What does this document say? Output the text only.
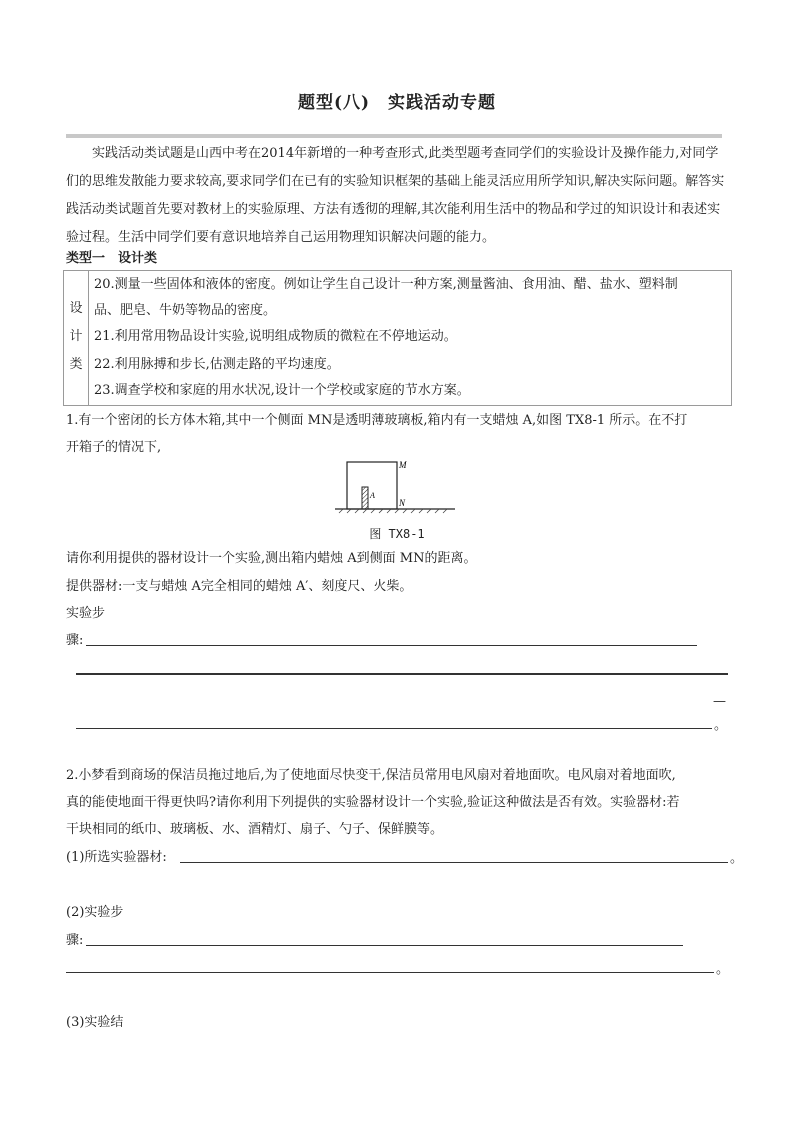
题型(八)　实践活动专题
实践活动类试题是山西中考在2014年新增的一种考查形式,此类型题考查同学们的实验设计及操作能力,对同学们的思维发散能力要求较高,要求同学们在已有的实验知识框架的基础上能灵活应用所学知识,解决实际问题。解答实践活动类试题首先要对教材上的实验原理、方法有透彻的理解,其次能利用生活中的物品和学过的知识设计和表述实验过程。生活中同学们要有意识地培养自己运用物理知识解决问题的能力。
类型一　设计类
设
计
类
20.测量一些固体和液体的密度。例如让学生自己设计一种方案,测量酱油、食用油、醋、盐水、塑料制
品、肥皂、牛奶等物品的密度。
21.利用常用物品设计实验,说明组成物质的微粒在不停地运动。
22.利用脉搏和步长,估测走路的平均速度。
23.调查学校和家庭的用水状况,设计一个学校或家庭的节水方案。
1.有一个密闭的长方体木箱,其中一个侧面 MN是透明薄玻璃板,箱内有一支蜡烛 A,如图 TX8-1 所示。在不打
开箱子的情况下,
M
N
A
图 TX8-1
请你利用提供的器材设计一个实验,测出箱内蜡烛 A到侧面 MN的距离。
提供器材:一支与蜡烛 A完全相同的蜡烛 A′、刻度尺、火柴。
实验步
骤:
—
。
2.小梦看到商场的保洁员拖过地后,为了使地面尽快变干,保洁员常用电风扇对着地面吹。电风扇对着地面吹,
真的能使地面干得更快吗?请你利用下列提供的实验器材设计一个实验,验证这种做法是否有效。实验器材:若
干块相同的纸巾、玻璃板、水、酒精灯、扇子、勺子、保鲜膜等。
(1)所选实验器材:	。
(2)实验步
骤:
。
(3)实验结
